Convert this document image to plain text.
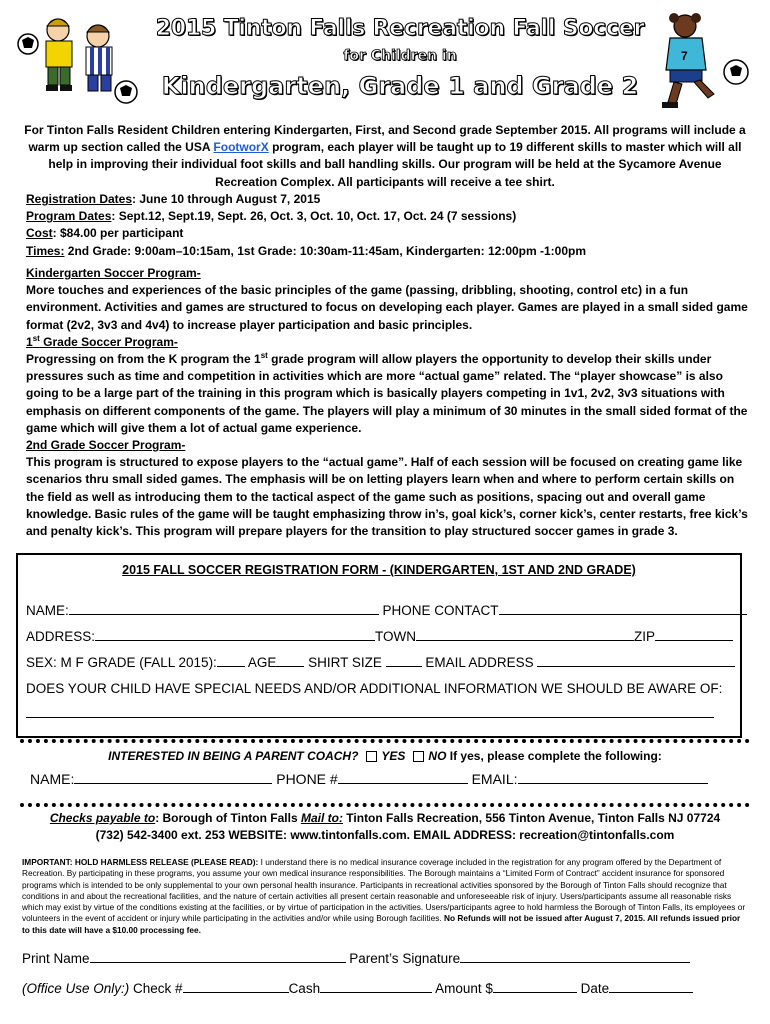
7
2015 Tinton Falls Recreation Fall Soccer
for Children in
Kindergarten, Grade 1 and Grade 2
For Tinton Falls Resident Children entering Kindergarten, First, and Second grade September 2015. All programs will include a warm up section called the USA FootworX program, each player will be taught up to 19 different skills to master which will all help in improving their individual foot skills and ball handling skills. Our program will be held at the Sycamore Avenue Recreation Complex. All participants will receive a tee shirt.
Registration Dates: June 10 through August 7, 2015
Program Dates: Sept.12, Sept.19, Sept. 26, Oct. 3, Oct. 10, Oct. 17, Oct. 24 (7 sessions)
Cost: $84.00 per participant
Times: 2nd Grade: 9:00am–10:15am, 1st Grade: 10:30am-11:45am, Kindergarten: 12:00pm -1:00pm
Kindergarten Soccer Program-
More touches and experiences of the basic principles of the game (passing, dribbling, shooting, control etc) in a fun environment. Activities and games are structured to focus on developing each player. Games are played in a small sided game format (2v2, 3v3 and 4v4) to increase player participation and basic principles.
1st Grade Soccer Program-
Progressing on from the K program the 1st grade program will allow players the opportunity to develop their skills under pressures such as time and competition in activities which are more “actual game” related. The “player showcase” is also going to be a large part of the training in this program which is basically players competing in 1v1, 2v2, 3v3 situations with emphasis on different components of the game. The players will play a minimum of 30 minutes in the small sided format of the game which will give them a lot of actual game experience.
2nd Grade Soccer Program-
This program is structured to expose players to the “actual game”. Half of each session will be focused on creating game like scenarios thru small sided games. The emphasis will be on letting players learn when and where to perform certain skills on the field as well as introducing them to the tactical aspect of the game such as positions, spacing out and overall game knowledge. Basic rules of the game will be taught emphasizing throw in’s, goal kick’s, corner kick’s, center restarts, free kick’s and penalty kick’s. This program will prepare players for the transition to play structured soccer games in grade 3.
2015 FALL SOCCER REGISTRATION FORM - (KINDERGARTEN, 1ST AND 2ND GRADE)
NAME:	PHONE CONTACT
ADDRESS:	TOWN	ZIP
SEX: M F GRADE (FALL 2015): AGE SHIRT SIZE	EMAIL ADDRESS
DOES YOUR CHILD HAVE SPECIAL NEEDS AND/OR ADDITIONAL INFORMATION WE SHOULD BE AWARE OF:
INTERESTED IN BEING A PARENT COACH? YES NO If yes, please complete the following:
NAME:	PHONE #	EMAIL:
Checks payable to: Borough of Tinton Falls Mail to: Tinton Falls Recreation, 556 Tinton Avenue, Tinton Falls NJ 07724
(732) 542-3400 ext. 253 WEBSITE: www.tintonfalls.com. EMAIL ADDRESS: recreation@tintonfalls.com
IMPORTANT: HOLD HARMLESS RELEASE (PLEASE READ): I understand there is no medical insurance coverage included in the registration for any program offered by the Department of Recreation. By participating in these programs, you assume your own medical insurance responsibilities. The Borough maintains a “Limited Form of Contract” accident insurance for sponsored programs which is intended to be only supplemental to your own personal health insurance. Participants in recreational activities sponsored by the Borough of Tinton Falls should recognize that conditions in and about the recreational facilities, and the nature of certain activities all present certain reasonable and unforeseeable risk of injury. Users/participants assume all reasonable risks which may exist by virtue of the conditions existing at the facilities, or by virtue of participation in the activities. Users/participants agree to hold harmless the Borough of Tinton Falls, its employees or volunteers in the event of accident or injury while participating in the activities and/or while using Borough facilities. No Refunds will not be issued after August 7, 2015. All refunds issued prior to this date will have a $10.00 processing fee.
Print Name	Parent’s Signature
(Office Use Only:) Check #	Cash	Amount $	Date
